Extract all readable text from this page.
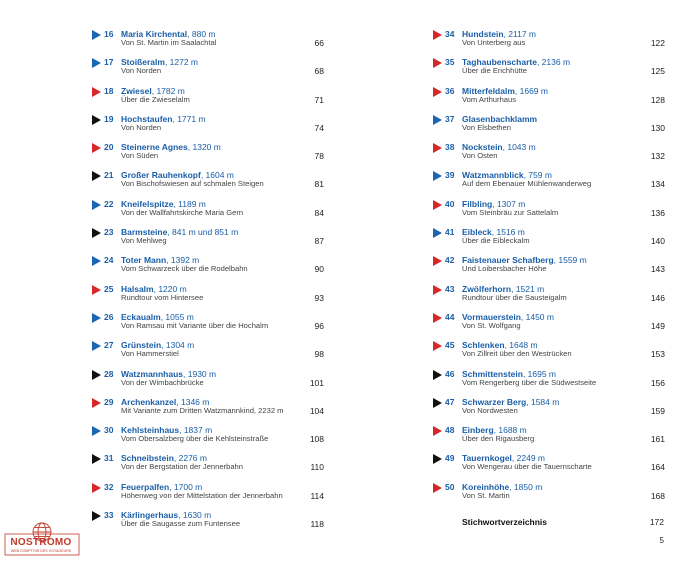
16 Maria Kirchental, 880 m
Von St. Martin im Saalachtal	66
17 Stoißeralm, 1272 m
Von Norden	68
18 Zwiesel, 1782 m
Über die Zwieselalm	71
19 Hochstaufen, 1771 m
Von Norden	74
20 Steinerne Agnes, 1320 m
Von Süden	78
21 Großer Rauhenkopf, 1604 m
Von Bischofswiesen auf schmalen Steigen	81
22 Kneifelspitze, 1189 m
Von der Wallfahrtskirche Maria Gern	84
23 Barmsteine, 841 m und 851 m
Von Mehlweg	87
24 Toter Mann, 1392 m
Vom Schwarzeck über die Rodelbahn	90
25 Halsalm, 1220 m
Rundtour vom Hintersee	93
26 Eckaualm, 1055 m
Von Ramsau mit Variante über die Hochalm	96
27 Grünstein, 1304 m
Von Hammerstiel	98
28 Watzmannhaus, 1930 m
Von der Wimbachbrücke	101
29 Archenkanzel, 1346 m
Mit Variante zum Dritten Watzmannkind, 2232 m	104
30 Kehlsteinhaus, 1837 m
Vom Obersalzberg über die Kehlsteinstraße	108
31 Schneibstein, 2276 m
Von der Bergstation der Jennerbahn	110
32 Feuerpalfen, 1700 m
Höhenweg von der Mittelstation der Jennerbahn	114
33 Kärlingerhaus, 1630 m
Über die Saugasse zum Funtensee	118
34 Hundstein, 2117 m
Von Unterberg aus	122
35 Taghaubenscharte, 2136 m
Über die Erichhütte	125
36 Mitterfeldalm, 1669 m
Vom Arthurhaus	128
37 Glasenbachklamm
Von Elsbethen	130
38 Nockstein, 1043 m
Von Osten	132
39 Watzmannblick, 759 m
Auf dem Ebenauer Mühlenwanderweg	134
40 Filbling, 1307 m
Vom Steinbräu zur Sattelalm	136
41 Eibleck, 1516 m
Über die Eibleckalm	140
42 Faistenauer Schafberg, 1559 m
Und Loibersbacher Höhe	143
43 Zwölferhorn, 1521 m
Rundtour über die Sausteigalm	146
44 Vormauerstein, 1450 m
Von St. Wolfgang	149
45 Schlenken, 1648 m
Von Zillreit über den Westrücken	153
46 Schmittenstein, 1695 m
Vom Rengerberg über die Südwestseite	156
47 Schwarzer Berg, 1584 m
Von Nordwesten	159
48 Einberg, 1688 m
Über den Rigausberg	161
49 Tauernkogel, 2249 m
Von Wengerau über die Tauernscharte	164
50 Koreinhöhe, 1850 m
Von St. Martin	168
Stichwortverzeichnis	172
5
NOSTROMO
WEB COMPTOIR DES VOYAGEURS
